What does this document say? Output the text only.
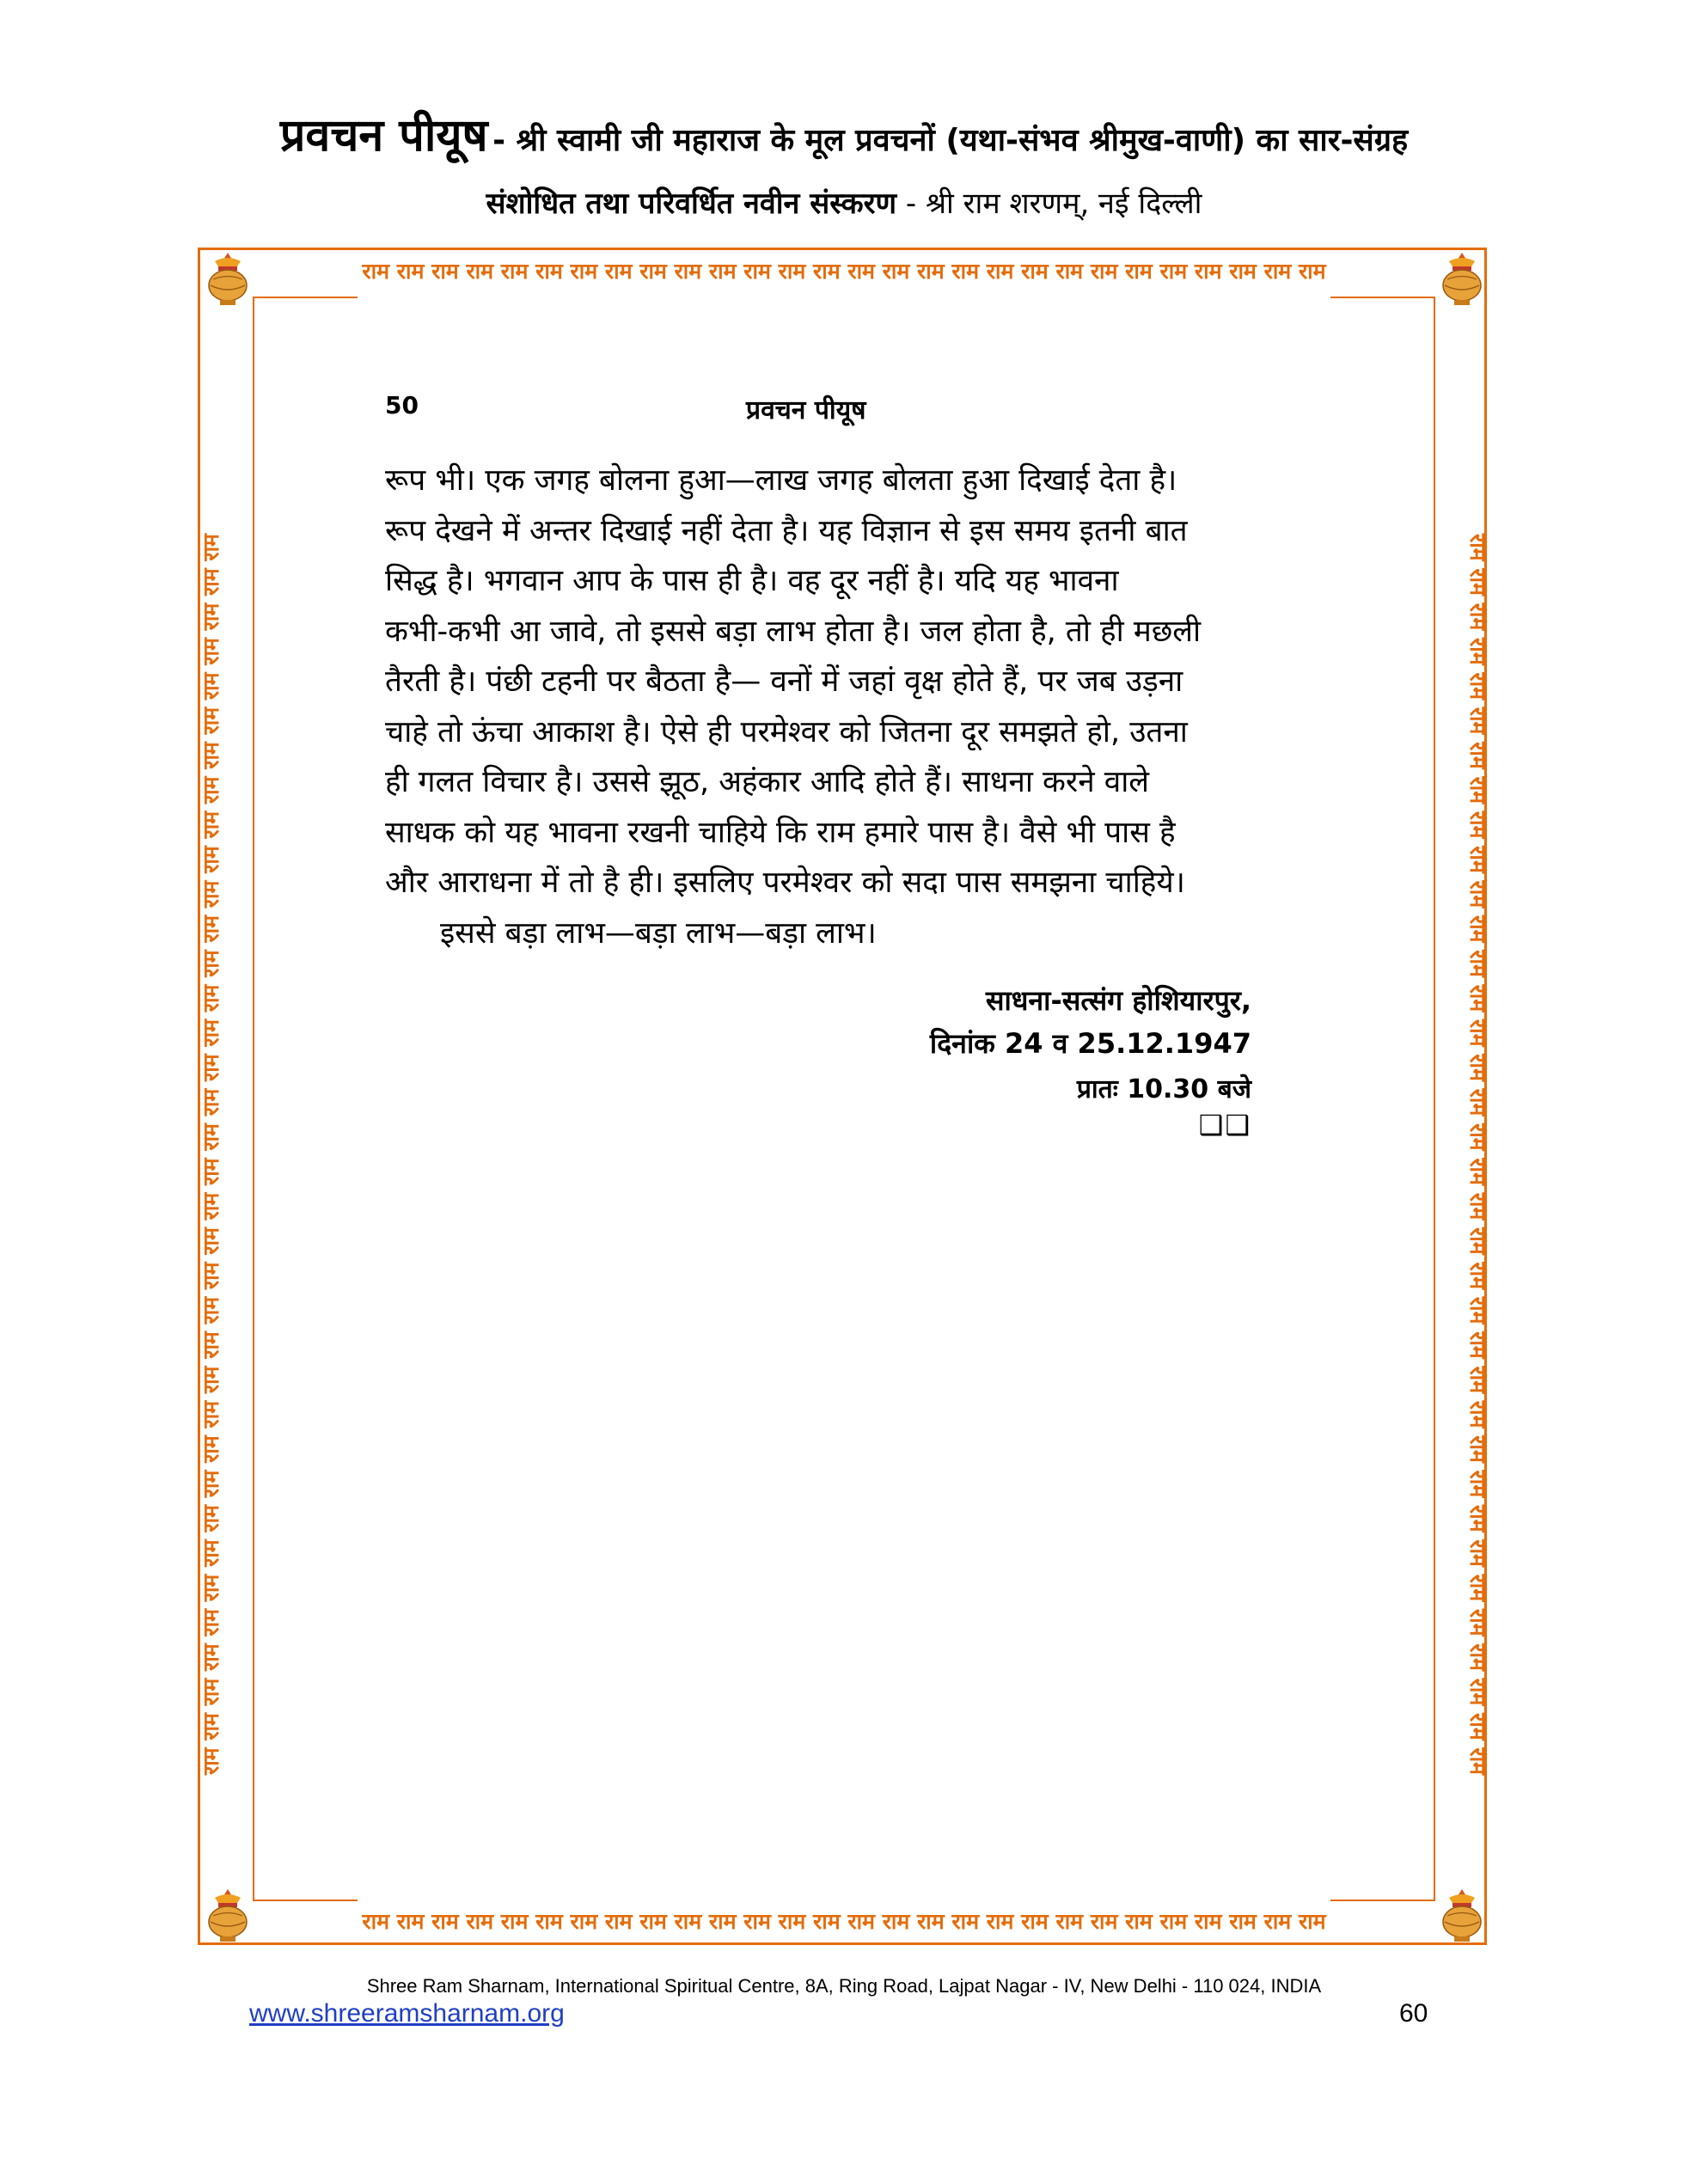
प्रवचन पीयूष - श्री स्वामी जी महाराज के मूल प्रवचनों (यथा-संभव श्रीमुख-वाणी) का सार-संग्रह
संशोधित तथा परिवर्धित नवीन संस्करण - श्री राम शरणम्, नई दिल्ली
राम राम राम राम राम राम राम राम राम राम राम राम राम राम राम राम राम राम राम राम राम राम राम राम राम राम राम राम
राम राम राम राम राम राम राम राम राम राम राम राम राम राम राम राम राम राम राम राम राम राम राम राम राम राम राम राम
राम राम राम राम राम राम राम राम राम राम राम राम राम राम राम राम राम राम राम राम राम राम राम राम राम राम राम राम राम राम राम राम राम राम राम राम	राम राम राम राम राम राम राम राम राम राम राम राम राम राम राम राम राम राम राम राम राम राम राम राम राम राम राम राम राम राम राम राम राम राम राम राम
50	प्रवचन पीयूष
रूप भी। एक जगह बोलना हुआ—लाख जगह बोलता हुआ दिखाई देता है।
रूप देखने में अन्तर दिखाई नहीं देता है। यह विज्ञान से इस समय इतनी बात
सिद्ध है। भगवान आप के पास ही है। वह दूर नहीं है। यदि यह भावना
कभी-कभी आ जावे, तो इससे बड़ा लाभ होता है। जल होता है, तो ही मछली
तैरती है। पंछी टहनी पर बैठता है— वनों में जहां वृक्ष होते हैं, पर जब उड़ना
चाहे तो ऊंचा आकाश है। ऐसे ही परमेश्वर को जितना दूर समझते हो, उतना
ही गलत विचार है। उससे झूठ, अहंकार आदि होते हैं। साधना करने वाले
साधक को यह भावना रखनी चाहिये कि राम हमारे पास है। वैसे भी पास है
और आराधना में तो है ही। इसलिए परमेश्वर को सदा पास समझना चाहिये।
इससे बड़ा लाभ—बड़ा लाभ—बड़ा लाभ।
साधना-सत्संग होशियारपुर,
दिनांक 24 व 25.12.1947
प्रातः 10.30 बजे
❑❑
Shree Ram Sharnam, International Spiritual Centre, 8A, Ring Road, Lajpat Nagar - IV, New Delhi - 110 024, INDIA
www.shreeramsharnam.org	60
